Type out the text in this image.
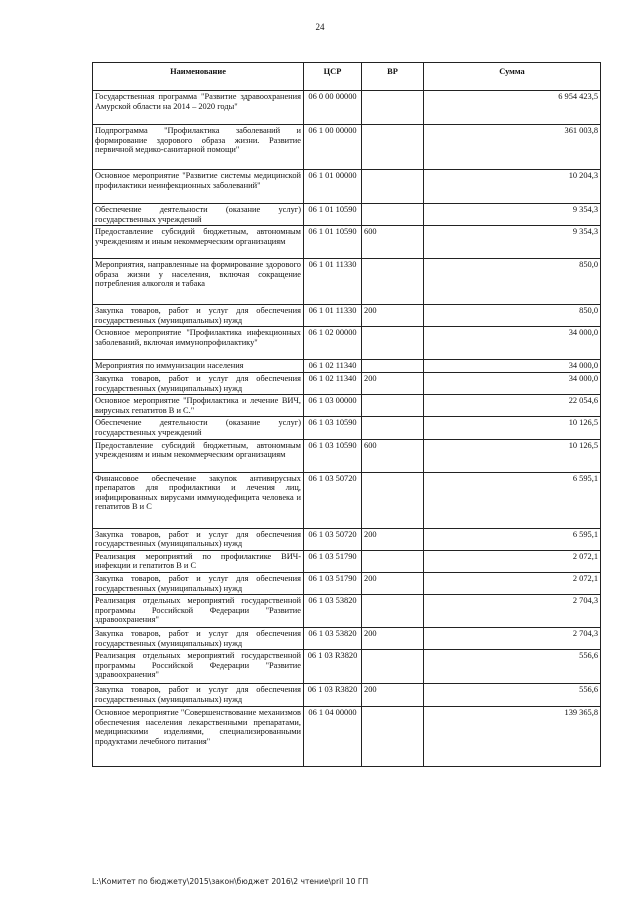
24
Наименование	ЦСР	ВР	Сумма
Государственная программа "Развитие здравоохранения Амурской области на 2014 – 2020 годы"	06 0 00 00000		6 954 423,5
Подпрограмма "Профилактика заболеваний и формирование здорового образа жизни. Развитие первичной медико-санитарной помощи"	06 1 00 00000		361 003,8
Основное мероприятие "Развитие системы медицинской профилактики неинфекционных заболеваний"	06 1 01 00000		10 204,3
Обеспечение деятельности (оказание услуг) государственных учреждений	06 1 01 10590		9 354,3
Предоставление субсидий бюджетным, автономным учреждениям и иным некоммерческим организациям	06 1 01 10590	600	9 354,3
Мероприятия, направленные на формирование здорового образа жизни у населения, включая сокращение потребления алкоголя и табака	06 1 01 11330		850,0
Закупка товаров, работ и услуг для обеспечения государственных (муниципальных) нужд	06 1 01 11330	200	850,0
Основное мероприятие "Профилактика инфекционных заболеваний, включая иммунопрофилактику"	06 1 02 00000		34 000,0
Мероприятия по иммунизации населения	06 1 02 11340		34 000,0
Закупка товаров, работ и услуг для обеспечения государственных (муниципальных) нужд	06 1 02 11340	200	34 000,0
Основное мероприятие "Профилактика и лечение ВИЧ, вирусных гепатитов В и С."	06 1 03 00000		22 054,6
Обеспечение деятельности (оказание услуг) государственных учреждений	06 1 03 10590		10 126,5
Предоставление субсидий бюджетным, автономным учреждениям и иным некоммерческим организациям	06 1 03 10590	600	10 126,5
Финансовое обеспечение закупок антивирусных препаратов для профилактики и лечения лиц, инфицированных вирусами иммунодефицита человека и гепатитов В и С	06 1 03 50720		6 595,1
Закупка товаров, работ и услуг для обеспечения государственных (муниципальных) нужд	06 1 03 50720	200	6 595,1
Реализация мероприятий по профилактике ВИЧ-инфекции и гепатитов В и С	06 1 03 51790		2 072,1
Закупка товаров, работ и услуг для обеспечения государственных (муниципальных) нужд	06 1 03 51790	200	2 072,1
Реализация отдельных мероприятий государственной программы Российской Федерации "Развитие здравоохранения"	06 1 03 53820		2 704,3
Закупка товаров, работ и услуг для обеспечения государственных (муниципальных) нужд	06 1 03 53820	200	2 704,3
Реализация отдельных мероприятий государственной программы Российской Федерации "Развитие здравоохранения"	06 1 03 R3820		556,6
Закупка товаров, работ и услуг для обеспечения государственных (муниципальных) нужд	06 1 03 R3820	200	556,6
Основное мероприятие "Совершенствование механизмов обеспечения населения лекарственными препаратами, медицинскими изделиями, специализированными продуктами лечебного питания"	06 1 04 00000		139 365,8
L:\Комитет по бюджету\2015\закон\бюджет 2016\2 чтение\pril 10 ГП
